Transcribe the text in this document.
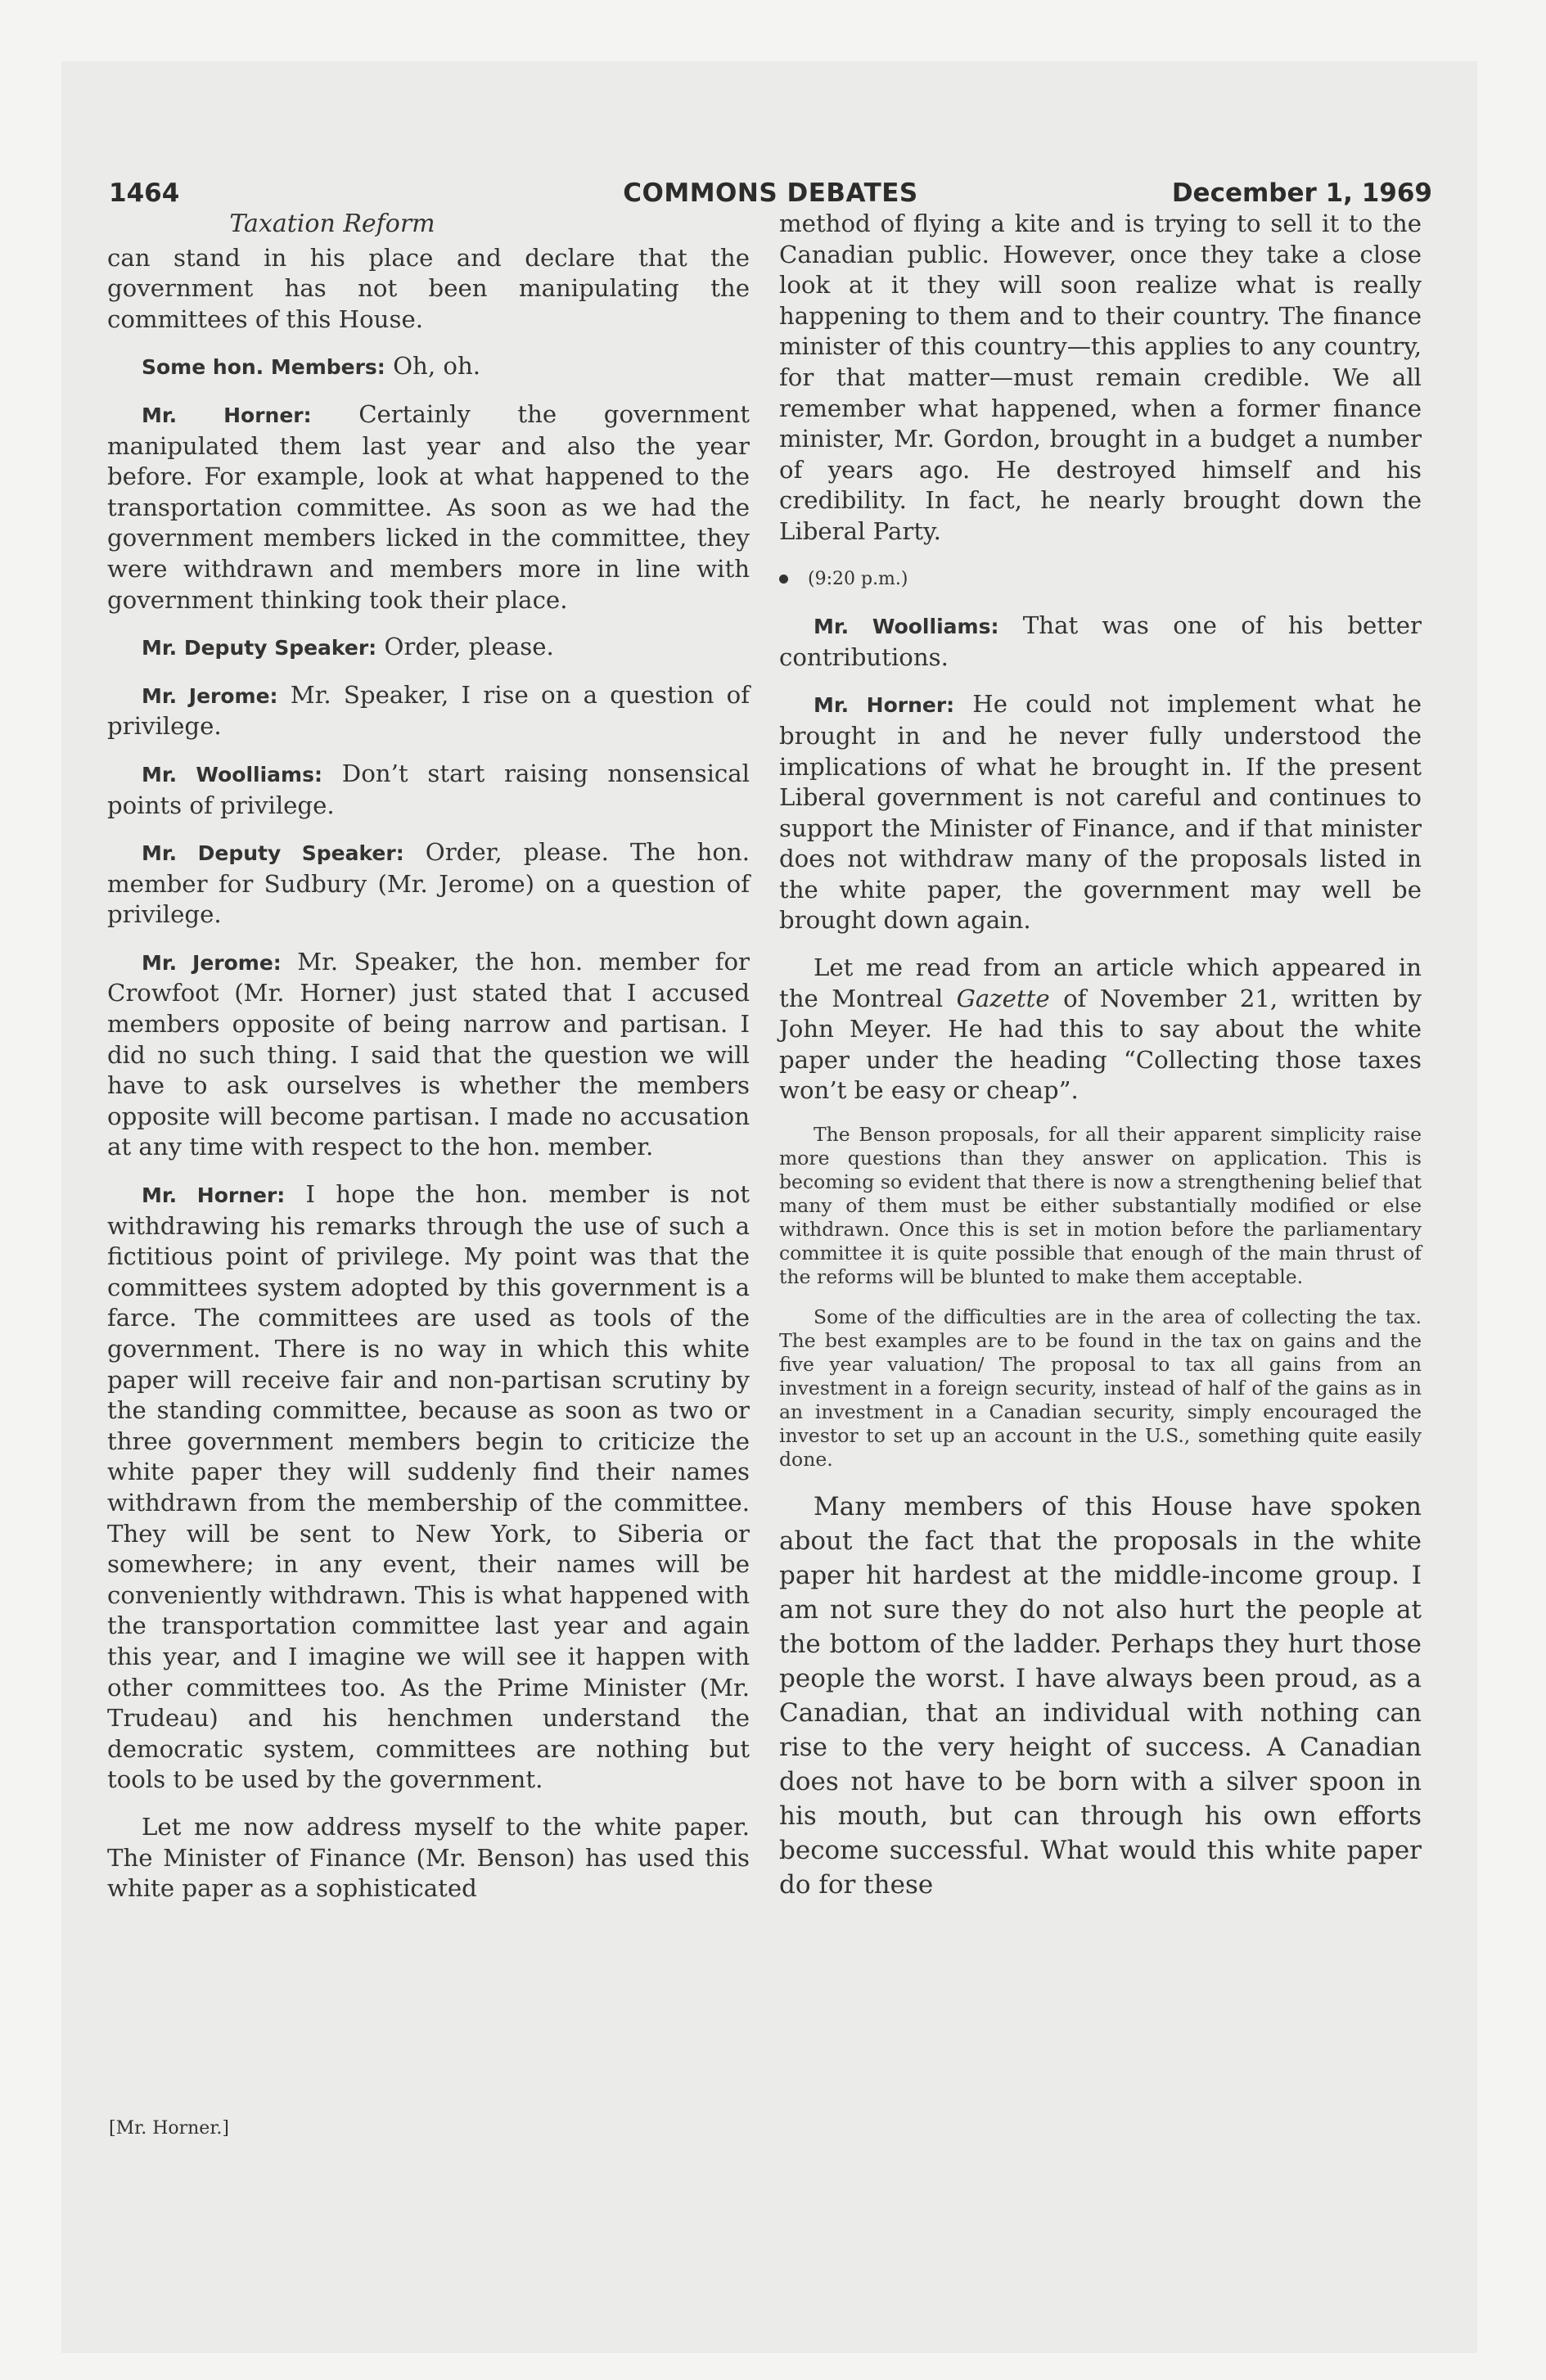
1464	COMMONS DEBATES	December 1, 1969
Taxation Reform

can stand in his place and declare that the government has not been manipulating the committees of this House.

Some hon. Members: Oh, oh.

Mr. Horner: Certainly the government manipulated them last year and also the year before. For example, look at what happened to the transportation committee. As soon as we had the government members licked in the committee, they were withdrawn and members more in line with government thinking took their place.

Mr. Deputy Speaker: Order, please.

Mr. Jerome: Mr. Speaker, I rise on a question of privilege.

Mr. Woolliams: Don’t start raising nonsensical points of privilege.

Mr. Deputy Speaker: Order, please. The hon. member for Sudbury (Mr. Jerome) on a question of privilege.

Mr. Jerome: Mr. Speaker, the hon. member for Crowfoot (Mr. Horner) just stated that I accused members opposite of being narrow and partisan. I did no such thing. I said that the question we will have to ask ourselves is whether the members opposite will become partisan. I made no accusation at any time with respect to the hon. member.

Mr. Horner: I hope the hon. member is not withdrawing his remarks through the use of such a fictitious point of privilege. My point was that the committees system adopted by this government is a farce. The committees are used as tools of the government. There is no way in which this white paper will receive fair and non-partisan scrutiny by the standing committee, because as soon as two or three government members begin to criticize the white paper they will suddenly find their names withdrawn from the membership of the committee. They will be sent to New York, to Siberia or somewhere; in any event, their names will be conveniently withdrawn. This is what happened with the transportation committee last year and again this year, and I imagine we will see it happen with other committees too. As the Prime Minister (Mr. Trudeau) and his henchmen understand the democratic system, committees are nothing but tools to be used by the government.

Let me now address myself to the white paper. The Minister of Finance (Mr. Benson) has used this white paper as a sophisticated

[Mr. Horner.]

method of flying a kite and is trying to sell it to the Canadian public. However, once they take a close look at it they will soon realize what is really happening to them and to their country. The finance minister of this country—this applies to any country, for that matter—must remain credible. We all remember what happened, when a former finance minister, Mr. Gordon, brought in a budget a number of years ago. He destroyed himself and his credibility. In fact, he nearly brought down the Liberal Party.

(9:20 p.m.)

Mr. Woolliams: That was one of his better contributions.

Mr. Horner: He could not implement what he brought in and he never fully understood the implications of what he brought in. If the present Liberal government is not careful and continues to support the Minister of Finance, and if that minister does not withdraw many of the proposals listed in the white paper, the government may well be brought down again.

Let me read from an article which appeared in the Montreal Gazette of November 21, written by John Meyer. He had this to say about the white paper under the heading “Collecting those taxes won’t be easy or cheap”.

The Benson proposals, for all their apparent simplicity raise more questions than they answer on application. This is becoming so evident that there is now a strengthening belief that many of them must be either substantially modified or else withdrawn. Once this is set in motion before the parliamentary committee it is quite possible that enough of the main thrust of the reforms will be blunted to make them acceptable.

Some of the difficulties are in the area of collecting the tax. The best examples are to be found in the tax on gains and the five year valuation/ The proposal to tax all gains from an investment in a foreign security, instead of half of the gains as in an investment in a Canadian security, simply encouraged the investor to set up an account in the U.S., something quite easily done.

Many members of this House have spoken about the fact that the proposals in the white paper hit hardest at the middle-income group. I am not sure they do not also hurt the people at the bottom of the ladder. Perhaps they hurt those people the worst. I have always been proud, as a Canadian, that an individual with nothing can rise to the very height of success. A Canadian does not have to be born with a silver spoon in his mouth, but can through his own efforts become successful. What would this white paper do for these
